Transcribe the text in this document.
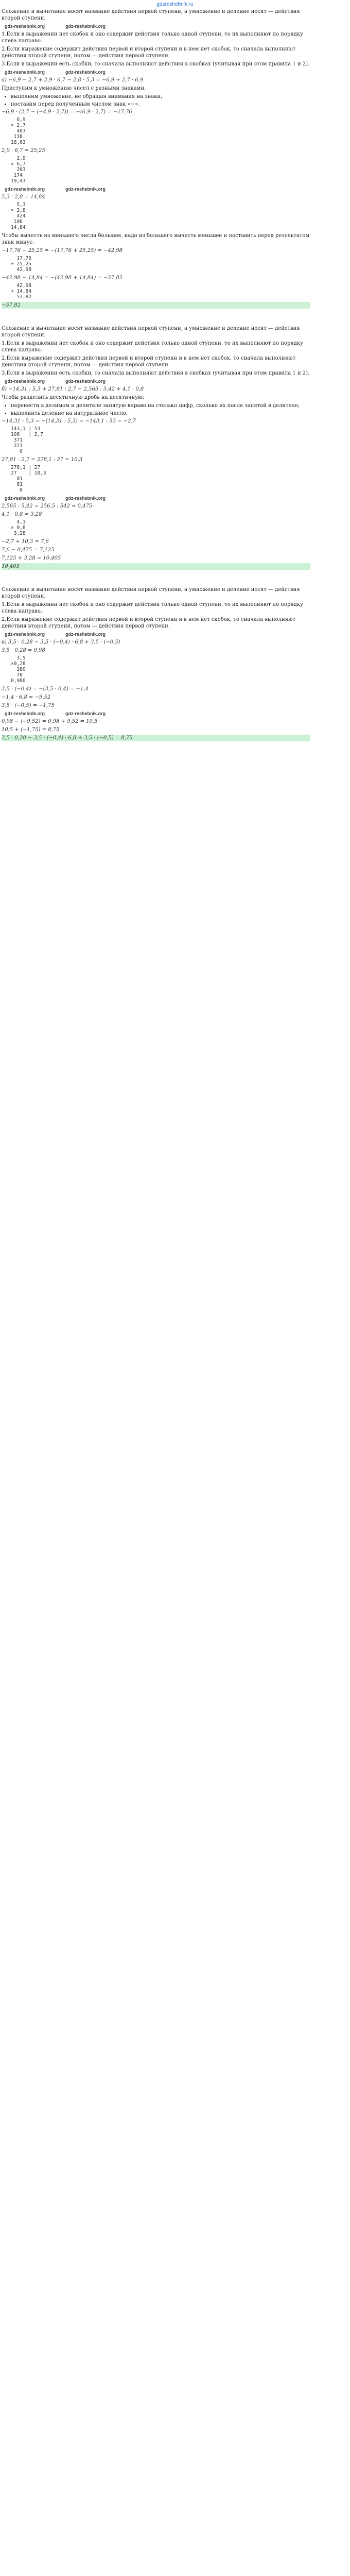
gdzreshebnik.ru

Сложение и вычитание носят название действия первой ступени, а умножение и деление носят — действия второй ступени.

gdz-reshebnik.org	gdz-reshebnik.org

1.Если в выражении нет скобок и оно содержит действия только одной ступени, то их выполняют по порядку слева направо.

2.Если выражение содержит действия первой и второй ступени и в нем нет скобок, то сначала выполняют действия второй ступени, потом — действия первой ступени.

3.Если в выражении есть скобки, то сначала выполняют действия в скобках (учитывая при этом правила 1 и 2).

gdz-reshebnik.org	gdz-reshebnik.org

а) −6,9 − 2,7 + 2,9 · 6,7 − 2,8 · 5,3 = −6,9 + 2,7 · 6,9.

Приступим к умножению чисел с разными знаками.

• выполним умножение, не обращая внимания на знаки;
• поставим перед полученным числом знак «−».

−6,9 · (2,7 − (−4,9 · 2,7)) = −(6,9 · 2,7) = −17,76

6,9
× 2,7
483
138
18,63

2,9 · 6,7 = 25,25

2,9
× 6,7
203
174
19,43
gdz-reshebnik.org	gdz-reshebnik.org

5,3 · 2,8 = 14,84

5,3
× 2,8
424
106
14,84

Чтобы вычесть из меньшего числа большее, надо из большего вычесть меньшее и поставить перед результатом знак минус.

−17,76 − 25,25 = −(17,76 + 25,25) = −42,98

17,76
+ 25,25
42,98

−42,98 − 14,84 = −(42,98 + 14,84) = −57,82

42,98
+ 14,84
57,82

−57,82

Сложение и вычитание носят название действия первой ступени, а умножение и деление носят — действия второй ступени.

1.Если в выражении нет скобок и оно содержит действия только одной ступени, то их выполняют по порядку слева направо.

2.Если выражение содержит действия первой и второй ступени и в нем нет скобок, то сначала выполняют действия второй ступени, потом — действия первой ступени.

3.Если в выражении есть скобки, то сначала выполняют действия в скобках (учитывая при этом правила 1 и 2).

gdz-reshebnik.org	gdz-reshebnik.org

б) −14,31 : 5,3 + 27,81 : 2,7 − 2,565 : 5,42 + 4,1 · 0,8

Чтобы разделить десятичную дробь на десятичную:

• перенести в делимом и делителе запятую вправо на столько цифр, сколько их после запятой в делителе;
• выполнить деление на натуральное число.

−14,31 : 5,3 = −(14,31 : 5,3) = −143,1 : 53 = −2,7

143,1 | 53
106   | 2,7
371
371
0

27,81 : 2,7 = 278,1 : 27 = 10,3

278,1 | 27
27    | 10,3
81
81
0
gdz-reshebnik.org	gdz-reshebnik.org

2,565 : 5,42 = 256,5 : 542 ≈ 0,475

4,1 · 0,8 = 3,28

4,1
× 0,8
3,28

−2,7 + 10,3 = 7,6

7,6 − 0,475 = 7,125

7,125 + 3,28 = 10,405

10,405

Сложение и вычитание носят название действия первой ступени, а умножение и деление носят — действия второй ступени.

1.Если в выражении нет скобок и оно содержит действия только одной ступени, то их выполняют по порядку слева направо.

2.Если выражение содержит действия первой и второй ступени и в нем нет скобок, то сначала выполняют действия второй ступени, потом — действия первой ступени.

gdz-reshebnik.org	gdz-reshebnik.org

в) 3,5 · 0,28 − 3,5 · (−0,4) · 6,8 + 3,5 · (−0,5)

3,5 · 0,28 = 0,98

3,5
×0,28
280
70
0,980

3,5 · (−0,4) = −(3,5 · 0,4) = −1,4

−1,4 · 6,8 = −9,52

3,5 · (−0,5) = −1,75

gdz-reshebnik.org	gdz-reshebnik.org

0,98 − (−9,52) = 0,98 + 9,52 = 10,5

10,5 + (−1,75) = 8,75

3,5 · 0,28 − 3,5 · (−0,4) · 6,8 + 3,5 · (−0,5) = 8,75
